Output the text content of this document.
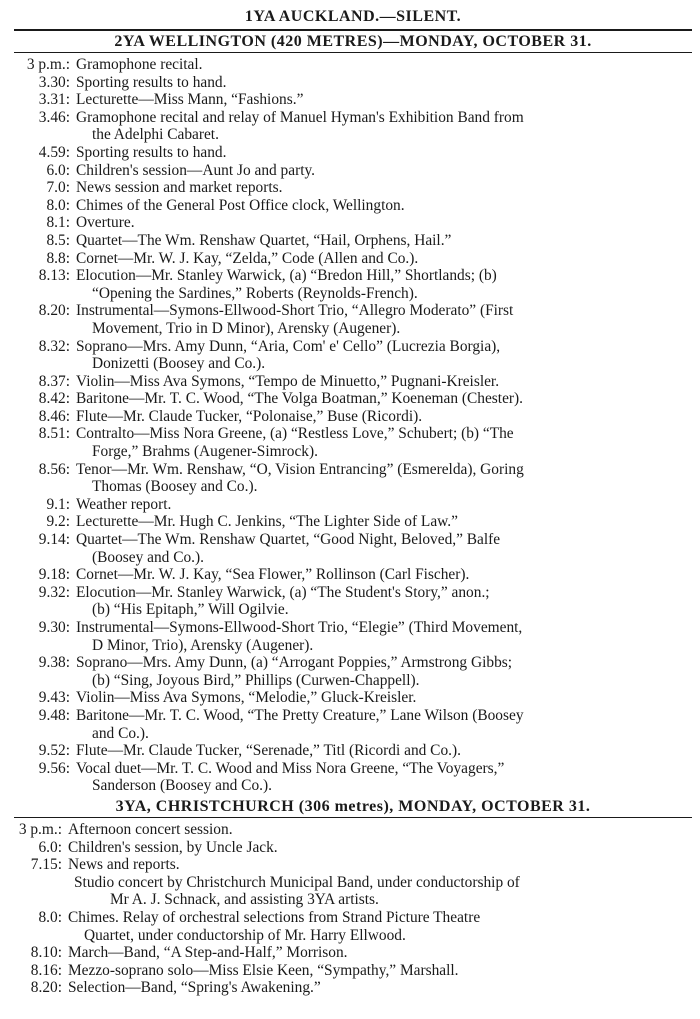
1YA AUCKLAND.—SILENT.
2YA WELLINGTON (420 METRES)—MONDAY, OCTOBER 31.
3 p.m.: Gramophone recital.
3.30: Sporting results to hand.
3.31: Lecturette—Miss Mann, “Fashions.”
3.46: Gramophone recital and relay of Manuel Hyman's Exhibition Band from
the Adelphi Cabaret.
4.59: Sporting results to hand.
6.0: Children's session—Aunt Jo and party.
7.0: News session and market reports.
8.0: Chimes of the General Post Office clock, Wellington.
8.1: Overture.
8.5: Quartet—The Wm. Renshaw Quartet, “Hail, Orphens, Hail.”
8.8: Cornet—Mr. W. J. Kay, “Zelda,” Code (Allen and Co.).
8.13: Elocution—Mr. Stanley Warwick, (a) “Bredon Hill,” Shortlands; (b)
“Opening the Sardines,” Roberts (Reynolds-French).
8.20: Instrumental—Symons-Ellwood-Short Trio, “Allegro Moderato” (First
Movement, Trio in D Minor), Arensky (Augener).
8.32: Soprano—Mrs. Amy Dunn, “Aria, Com' e' Cello” (Lucrezia Borgia),
Donizetti (Boosey and Co.).
8.37: Violin—Miss Ava Symons, “Tempo de Minuetto,” Pugnani-Kreisler.
8.42: Baritone—Mr. T. C. Wood, “The Volga Boatman,” Koeneman (Chester).
8.46: Flute—Mr. Claude Tucker, “Polonaise,” Buse (Ricordi).
8.51: Contralto—Miss Nora Greene, (a) “Restless Love,” Schubert; (b) “The
Forge,” Brahms (Augener-Simrock).
8.56: Tenor—Mr. Wm. Renshaw, “O, Vision Entrancing” (Esmerelda), Goring
Thomas (Boosey and Co.).
9.1: Weather report.
9.2: Lecturette—Mr. Hugh C. Jenkins, “The Lighter Side of Law.”
9.14: Quartet—The Wm. Renshaw Quartet, “Good Night, Beloved,” Balfe
(Boosey and Co.).
9.18: Cornet—Mr. W. J. Kay, “Sea Flower,” Rollinson (Carl Fischer).
9.32: Elocution—Mr. Stanley Warwick, (a) “The Student's Story,” anon.;
(b) “His Epitaph,” Will Ogilvie.
9.30: Instrumental—Symons-Ellwood-Short Trio, “Elegie” (Third Movement,
D Minor, Trio), Arensky (Augener).
9.38: Soprano—Mrs. Amy Dunn, (a) “Arrogant Poppies,” Armstrong Gibbs;
(b) “Sing, Joyous Bird,” Phillips (Curwen-Chappell).
9.43: Violin—Miss Ava Symons, “Melodie,” Gluck-Kreisler.
9.48: Baritone—Mr. T. C. Wood, “The Pretty Creature,” Lane Wilson (Boosey
and Co.).
9.52: Flute—Mr. Claude Tucker, “Serenade,” Titl (Ricordi and Co.).
9.56: Vocal duet—Mr. T. C. Wood and Miss Nora Greene, “The Voyagers,”
Sanderson (Boosey and Co.).
3YA, CHRISTCHURCH (306 metres), MONDAY, OCTOBER 31.
3 p.m.: Afternoon concert session.
6.0: Children's session, by Uncle Jack.
7.15: News and reports.
Studio concert by Christchurch Municipal Band, under conductorship of
Mr A. J. Schnack, and assisting 3YA artists.
8.0: Chimes. Relay of orchestral selections from Strand Picture Theatre
Quartet, under conductorship of Mr. Harry Ellwood.
8.10: March—Band, “A Step-and-Half,” Morrison.
8.16: Mezzo-soprano solo—Miss Elsie Keen, “Sympathy,” Marshall.
8.20: Selection—Band, “Spring's Awakening.”
